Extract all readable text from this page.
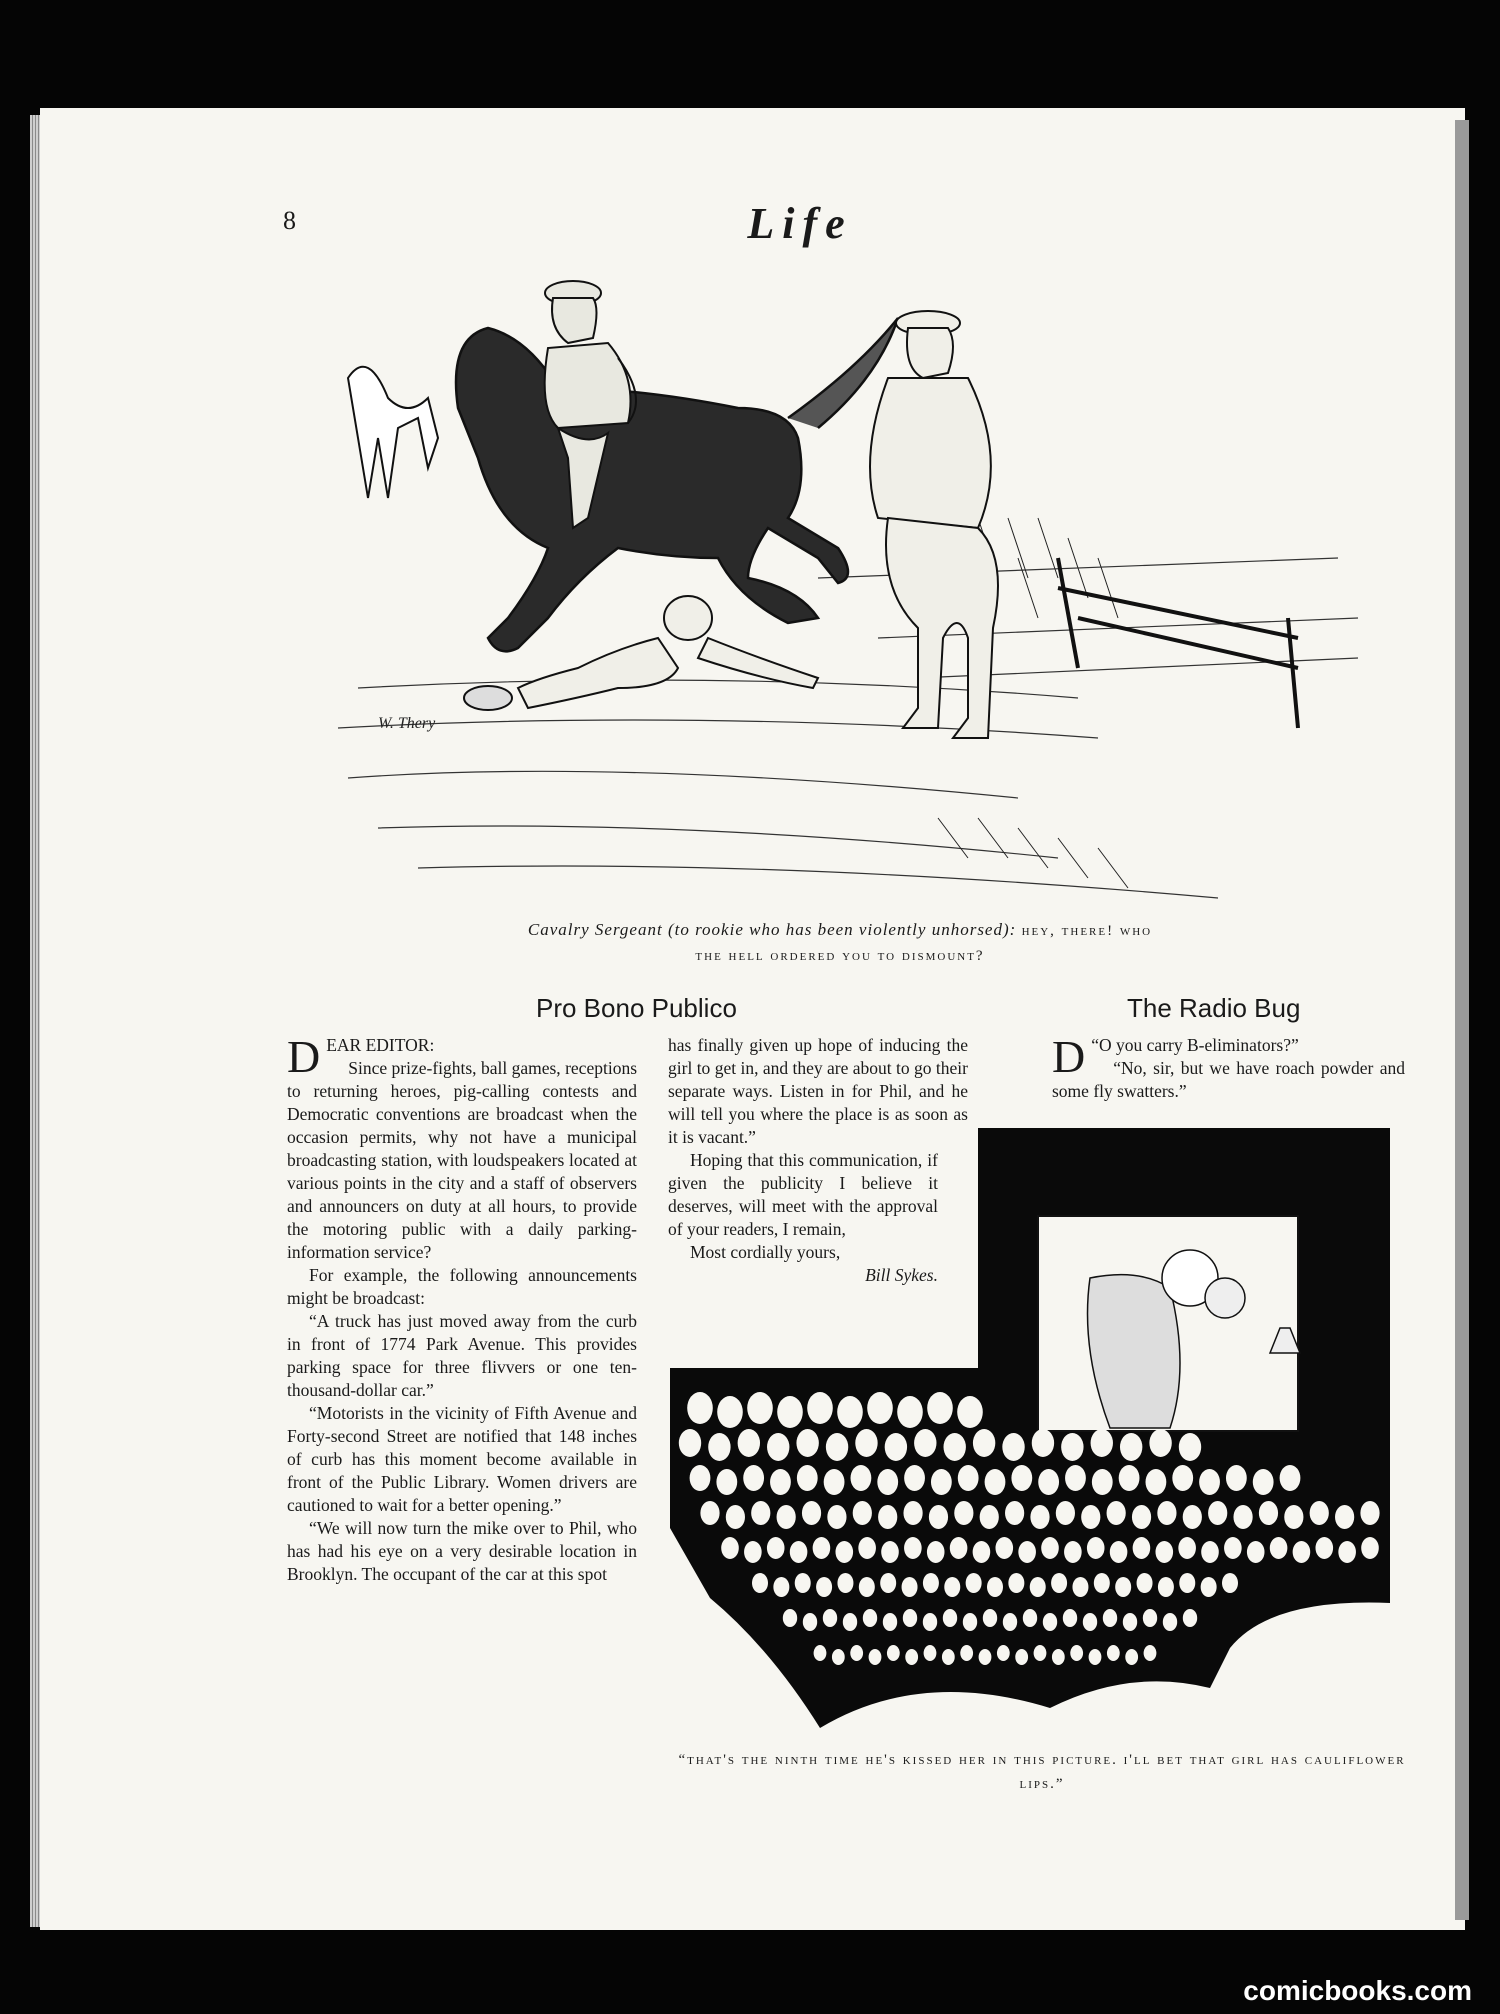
8	Life
W. Thery
Cavalry Sergeant (to rookie who has been violently unhorsed): hey, there! who
the hell ordered you to dismount?
Pro Bono Publico

DEAR EDITOR:

Since prize-fights, ball games, receptions to returning heroes, pig-calling contests and Democratic conventions are broadcast when the occasion permits, why not have a municipal broadcasting station, with loudspeakers located at various points in the city and a staff of observers and announcers on duty at all hours, to provide the motoring public with a daily parking-information service?

For example, the following announcements might be broadcast:

“A truck has just moved away from the curb in front of 1774 Park Avenue. This provides parking space for three flivvers or one ten-thousand-dollar car.”

“Motorists in the vicinity of Fifth Avenue and Forty-second Street are notified that 148 inches of curb has this moment become available in front of the Public Library. Women drivers are cautioned to wait for a better opening.”

“We will now turn the mike over to Phil, who has had his eye on a very desirable location in Brooklyn. The occupant of the car at this spot

has finally given up hope of inducing the girl to get in, and they are about to go their separate ways. Listen in for Phil, and he will tell you where the place is as soon as it is vacant.”

Hoping that this communication, if given the publicity I believe it deserves, will meet with the approval of your readers, I remain,

Most cordially yours,

Bill Sykes.

The Radio Bug

“
D O you carry B-eliminators?”

“No, sir, but we have roach powder and some fly swatters.”

“that's the ninth time he's kissed her in this picture. i'll bet that girl has cauliflower lips.”
comicbooks.com
